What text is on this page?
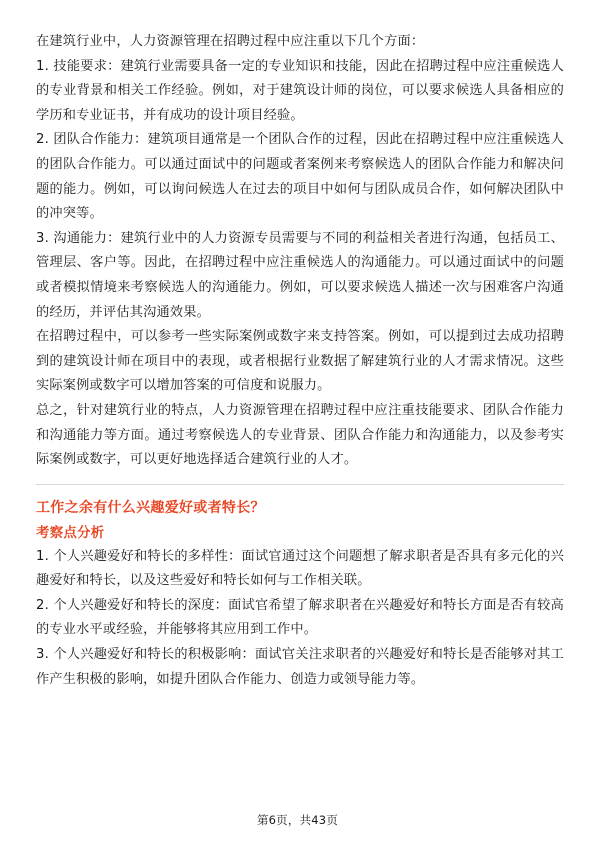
在建筑行业中，人力资源管理在招聘过程中应注重以下几个方面：

1. 技能要求：建筑行业需要具备一定的专业知识和技能，因此在招聘过程中应注重候选人的专业背景和相关工作经验。例如，对于建筑设计师的岗位，可以要求候选人具备相应的学历和专业证书，并有成功的设计项目经验。

2. 团队合作能力：建筑项目通常是一个团队合作的过程，因此在招聘过程中应注重候选人的团队合作能力。可以通过面试中的问题或者案例来考察候选人的团队合作能力和解决问题的能力。例如，可以询问候选人在过去的项目中如何与团队成员合作，如何解决团队中的冲突等。

3. 沟通能力：建筑行业中的人力资源专员需要与不同的利益相关者进行沟通，包括员工、管理层、客户等。因此，在招聘过程中应注重候选人的沟通能力。可以通过面试中的问题或者模拟情境来考察候选人的沟通能力。例如，可以要求候选人描述一次与困难客户沟通的经历，并评估其沟通效果。

在招聘过程中，可以参考一些实际案例或数字来支持答案。例如，可以提到过去成功招聘到的建筑设计师在项目中的表现，或者根据行业数据了解建筑行业的人才需求情况。这些实际案例或数字可以增加答案的可信度和说服力。

总之，针对建筑行业的特点，人力资源管理在招聘过程中应注重技能要求、团队合作能力和沟通能力等方面。通过考察候选人的专业背景、团队合作能力和沟通能力，以及参考实际案例或数字，可以更好地选择适合建筑行业的人才。

工作之余有什么兴趣爱好或者特长？

考察点分析

1. 个人兴趣爱好和特长的多样性：面试官通过这个问题想了解求职者是否具有多元化的兴趣爱好和特长，以及这些爱好和特长如何与工作相关联。

2. 个人兴趣爱好和特长的深度：面试官希望了解求职者在兴趣爱好和特长方面是否有较高的专业水平或经验，并能够将其应用到工作中。

3. 个人兴趣爱好和特长的积极影响：面试官关注求职者的兴趣爱好和特长是否能够对其工作产生积极的影响，如提升团队合作能力、创造力或领导能力等。

第6页，共43页
